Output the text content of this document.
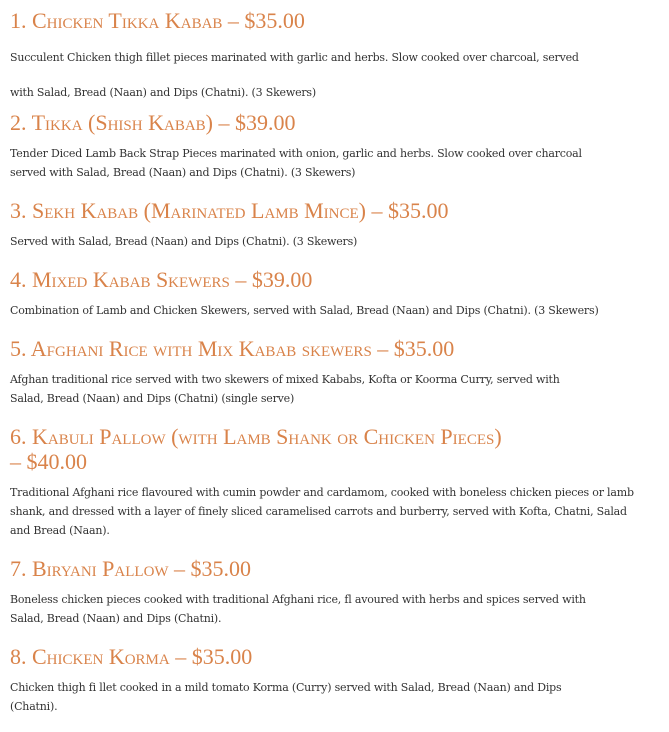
1. Chicken Tikka Kabab – $35.00

Succulent Chicken thigh fillet pieces marinated with garlic and herbs. Slow cooked over charcoal, served
with Salad, Bread (Naan) and Dips (Chatni). (3 Skewers)

2. Tikka (Shish Kabab) – $39.00

Tender Diced Lamb Back Strap Pieces marinated with onion, garlic and herbs. Slow cooked over charcoal
served with Salad, Bread (Naan) and Dips (Chatni). (3 Skewers)

3. Sekh Kabab (Marinated Lamb Mince) – $35.00

Served with Salad, Bread (Naan) and Dips (Chatni). (3 Skewers)

4. Mixed Kabab Skewers – $39.00

Combination of Lamb and Chicken Skewers, served with Salad, Bread (Naan) and Dips (Chatni). (3 Skewers)

5. Afghani Rice with Mix Kabab skewers – $35.00

Afghan traditional rice served with two skewers of mixed Kababs, Kofta or Koorma Curry, served with
Salad, Bread (Naan) and Dips (Chatni) (single serve)

6. Kabuli Pallow (with Lamb Shank or Chicken Pieces)
– $40.00

Traditional Afghani rice flavoured with cumin powder and cardamom, cooked with boneless chicken pieces or lamb
shank, and dressed with a layer of finely sliced caramelised carrots and burberry, served with Kofta, Chatni, Salad
and Bread (Naan).

7. Biryani Pallow – $35.00

Boneless chicken pieces cooked with traditional Afghani rice, fl avoured with herbs and spices served with
Salad, Bread (Naan) and Dips (Chatni).

8. Chicken Korma – $35.00

Chicken thigh fi llet cooked in a mild tomato Korma (Curry) served with Salad, Bread (Naan) and Dips
(Chatni).
